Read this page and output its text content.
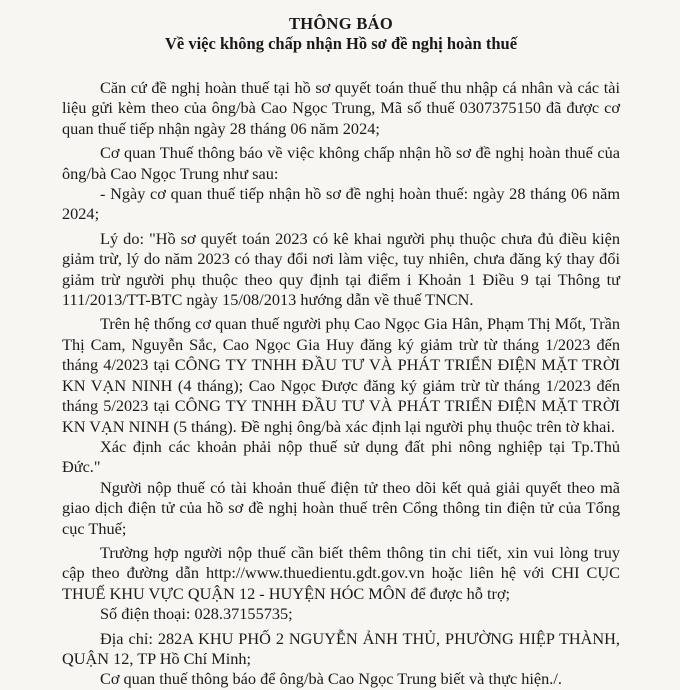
THÔNG BÁO
Về việc không chấp nhận Hồ sơ đề nghị hoàn thuế

Căn cứ đề nghị hoàn thuế tại hồ sơ quyết toán thuế thu nhập cá nhân và các tài liệu gửi kèm theo của ông/bà Cao Ngọc Trung, Mã số thuế 0307375150 đã được cơ quan thuế tiếp nhận ngày 28 tháng 06 năm 2024;

Cơ quan Thuế thông báo về việc không chấp nhận hồ sơ đề nghị hoàn thuế của ông/bà Cao Ngọc Trung như sau:

- Ngày cơ quan thuế tiếp nhận hồ sơ đề nghị hoàn thuế: ngày 28 tháng 06 năm 2024;

Lý do: "Hồ sơ quyết toán 2023 có kê khai người phụ thuộc chưa đủ điều kiện giảm trừ, lý do năm 2023 có thay đổi nơi làm việc, tuy nhiên, chưa đăng ký thay đổi giảm trừ người phụ thuộc theo quy định tại điểm i Khoản 1 Điều 9 tại Thông tư 111/2013/TT-BTC ngày 15/08/2013 hướng dẫn về thuế TNCN.

Trên hệ thống cơ quan thuế người phụ Cao Ngọc Gia Hân, Phạm Thị Mốt, Trần Thị Cam, Nguyễn Sắc, Cao Ngọc Gia Huy đăng ký giảm trừ từ tháng 1/2023 đến tháng 4/2023 tại CÔNG TY TNHH ĐẦU TƯ VÀ PHÁT TRIỂN ĐIỆN MẶT TRỜI KN VẠN NINH (4 tháng); Cao Ngọc Được đăng ký giảm trừ từ tháng 1/2023 đến tháng 5/2023 tại CÔNG TY TNHH ĐẦU TƯ VÀ PHÁT TRIỂN ĐIỆN MẶT TRỜI KN VẠN NINH (5 tháng). Đề nghị ông/bà xác định lại người phụ thuộc trên tờ khai.

Xác định các khoản phải nộp thuế sử dụng đất phi nông nghiệp tại Tp.Thủ Đức."

Người nộp thuế có tài khoản thuế điện tử theo dõi kết quả giải quyết theo mã giao dịch điện tử của hồ sơ đề nghị hoàn thuế trên Cổng thông tin điện tử của Tổng cục Thuế;

Trường hợp người nộp thuế cần biết thêm thông tin chi tiết, xin vui lòng truy cập theo đường dẫn http://www.thuedientu.gdt.gov.vn hoặc liên hệ với CHI CỤC THUẾ KHU VỰC QUẬN 12 - HUYỆN HÓC MÔN để được hỗ trợ;

Số điện thoại: 028.37155735;

Địa chỉ: 282A KHU PHỐ 2 NGUYỄN ẢNH THỦ, PHƯỜNG HIỆP THÀNH, QUẬN 12, TP Hồ Chí Minh;

Cơ quan thuế thông báo để ông/bà Cao Ngọc Trung biết và thực hiện./.
